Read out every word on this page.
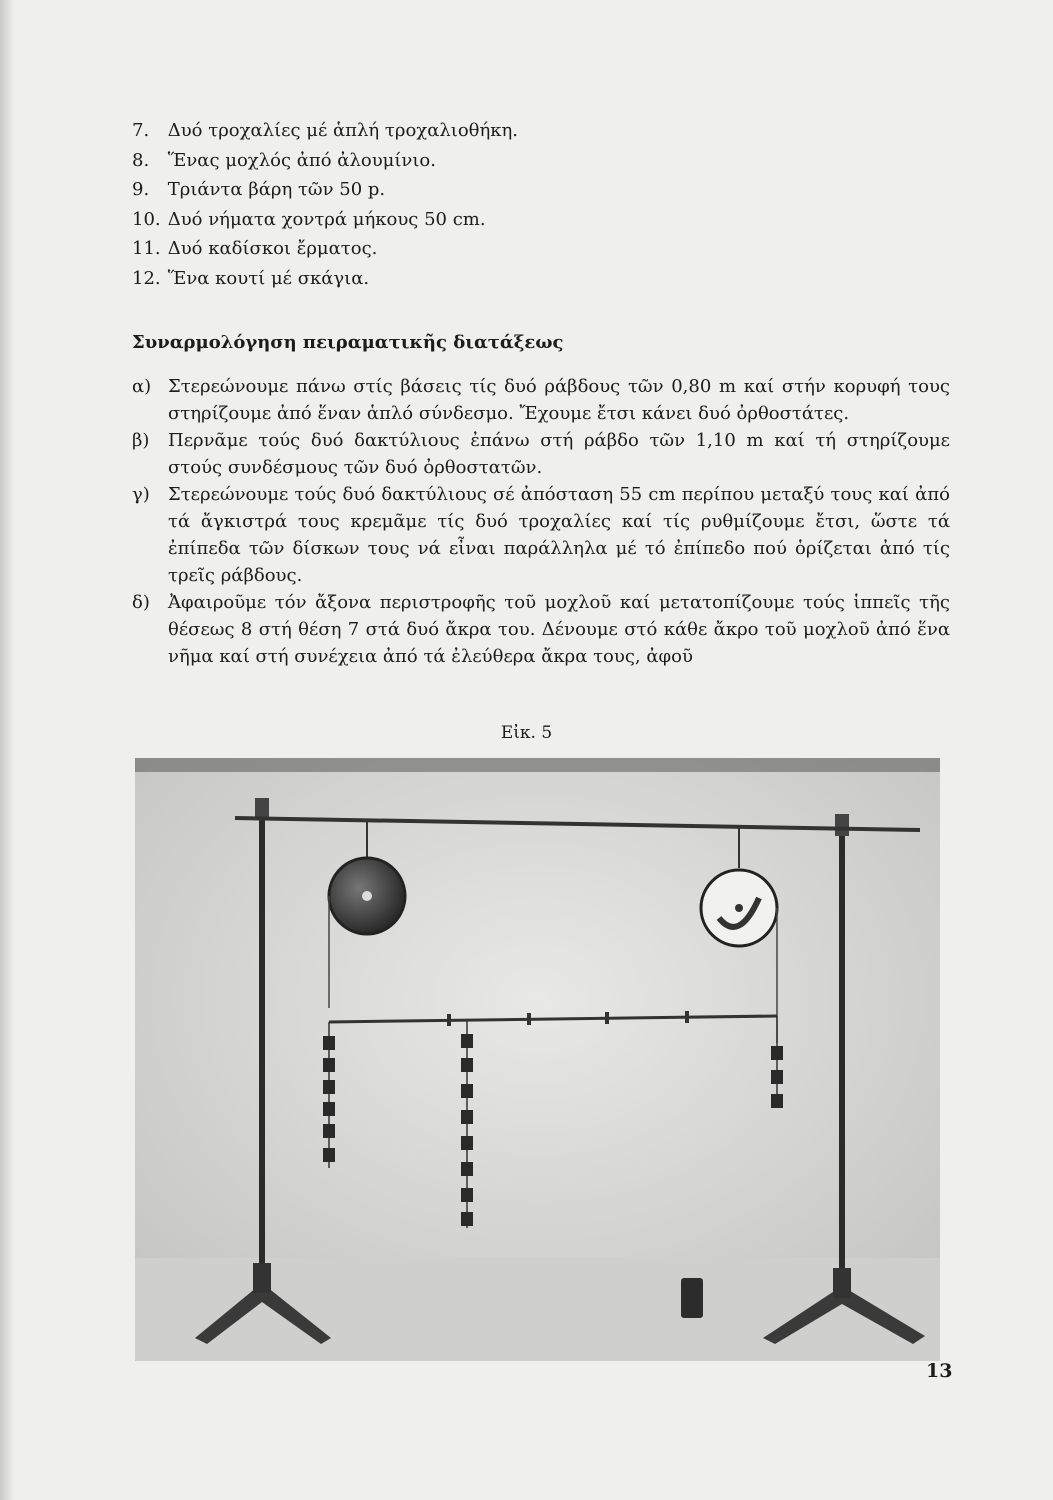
7. Δυό τροχαλίες μέ ἁπλή τροχαλιοθήκη.
8. Ἕνας μοχλός ἀπό ἀλουμίνιο.
9. Τριάντα βάρη τῶν 50 p.
10. Δυό νήματα χοντρά μήκους 50 cm.
11. Δυό καδίσκοι ἔρματος.
12. Ἕνα κουτί μέ σκάγια.
Συναρμολόγηση πειραματικῆς διατάξεως

α) Στερεώνουμε πάνω στίς βάσεις τίς δυό ράβδους τῶν 0,80 m καί στήν κορυφή τους στηρίζουμε ἀπό ἕναν ἁπλό σύνδεσμο. Ἔχουμε ἔτσι κάνει δυό ὀρθοστάτες.

β)	Περνᾶμε τούς δυό δακτύλιους ἐπάνω στή ράβδο τῶν 1,10 m καί τή στηρίζουμε στούς συνδέσμους τῶν δυό ὀρθοστατῶν.

γ)	Στερεώνουμε τούς δυό δακτύλιους σέ ἀπόσταση 55 cm περίπου μεταξύ τους καί ἀπό τά ἄγκιστρά τους κρεμᾶμε τίς δυό τροχαλίες καί τίς ρυθμίζουμε ἔτσι, ὥστε τά ἐπίπεδα τῶν δίσκων τους νά εἶναι παράλληλα μέ τό ἐπίπεδο πού ὁρίζεται ἀπό τίς τρεῖς ράβδους.

δ)	Ἀφαιροῦμε τόν ἄξονα περιστροφῆς τοῦ μοχλοῦ καί μετατοπίζουμε τούς ἱππεῖς τῆς θέσεως 8 στή θέση 7 στά δυό ἄκρα του. Δένουμε στό κάθε ἄκρο τοῦ μοχλοῦ ἀπό ἕνα νῆμα καί στή συνέχεια ἀπό τά ἐλεύθερα ἄκρα τους, ἀφοῦ

Εἰκ. 5
13
